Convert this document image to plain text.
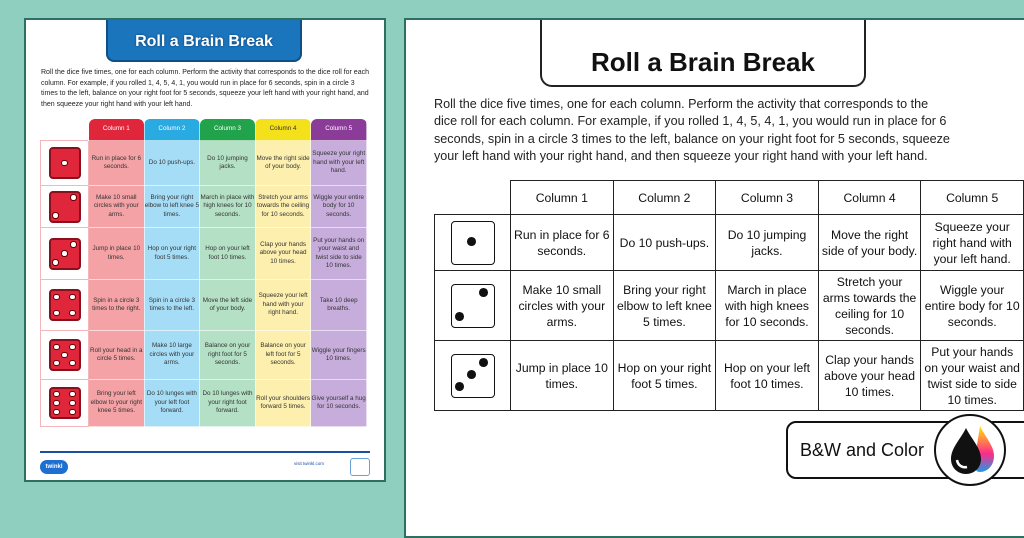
Roll a Brain Break
Roll the dice five times, one for each column. Perform the activity that corresponds to the dice roll for each column. For example, if you rolled 1, 4, 5, 4, 1, you would run in place for 6 seconds, spin in a circle 3 times to the left, balance on your right foot for 5 seconds, squeeze your left hand with your right hand, and then squeeze your right hand with your left hand.
	Column 1	Column 2	Column 3	Column 4	Column 5

	Run in place for 6 seconds.	Do 10 push-ups.	Do 10 jumping jacks.	Move the right side of your body.	Squeeze your right hand with your left hand.

	Make 10 small circles with your arms.	Bring your right elbow to left knee 5 times.	March in place with high knees for 10 seconds.	Stretch your arms towards the ceiling for 10 seconds.	Wiggle your entire body for 10 seconds.

	Jump in place 10 times.	Hop on your right foot 5 times.	Hop on your left foot 10 times.	Clap your hands above your head 10 times.	Put your hands on your waist and twist side to side 10 times.

	Spin in a circle 3 times to the right.	Spin in a circle 3 times to the left.	Move the left side of your body.	Squeeze your left hand with your right hand.	Take 10 deep breaths.

	Roll your head in a circle 5 times.	Make 10 large circles with your arms.	Balance on your right foot for 5 seconds.	Balance on your left foot for 5 seconds.	Wiggle your fingers 10 times.

	Bring your left elbow to your right knee 5 times.	Do 10 lunges with your left foot forward.	Do 10 lunges with your right foot forward.	Roll your shoulders forward 5 times.	Give yourself a hug for 10 seconds.
twinkl
visit twinkl.com
Roll a Brain Break
Roll the dice five times, one for each column. Perform the activity that corresponds to the dice roll for each column. For example, if you rolled 1, 4, 5, 4, 1, you would run in place for 6 seconds, spin in a circle 3 times to the left, balance on your right foot for 5 seconds, squeeze your left hand with your right hand, and then squeeze your right hand with your left hand.
	Column 1	Column 2	Column 3	Column 4	Column 5

	Run in place for 6 seconds.	Do 10 push-ups.	Do 10 jumping jacks.	Move the right side of your body.	Squeeze your right hand with your left hand.

	Make 10 small circles with your arms.	Bring your right elbow to left knee 5 times.	March in place with high knees for 10 seconds.	Stretch your arms towards the ceiling for 10 seconds.	Wiggle your entire body for 10 seconds.

	Jump in place 10 times.	Hop on your right foot 5 times.	Hop on your left foot 10 times.	Clap your hands above your head 10 times.	Put your hands on your waist and twist side to side 10 times.
B&W and Color
